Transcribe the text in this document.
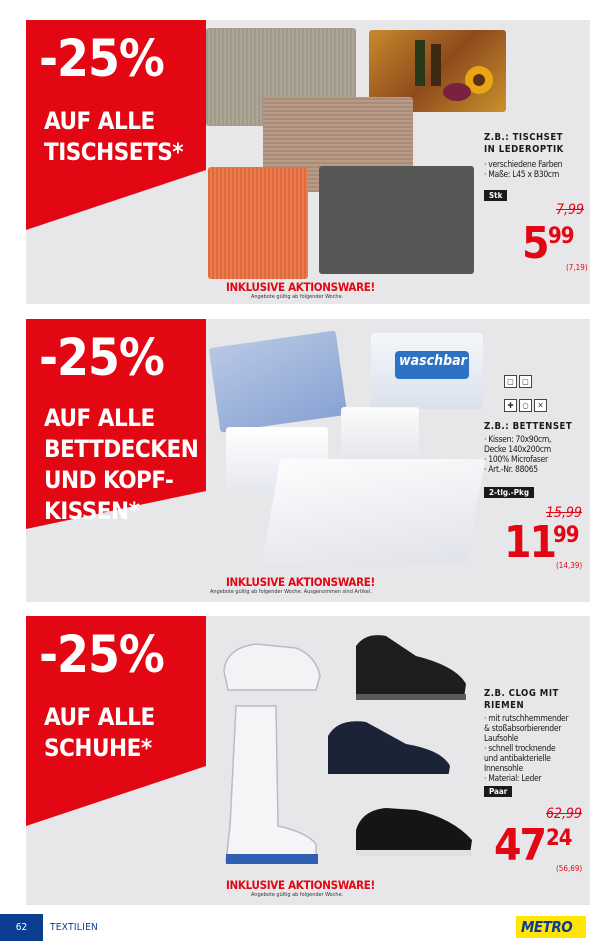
-25%
AUF ALLE
TISCHSETS*
Z.B.: TISCHSET
IN LEDEROPTIK
· verschiedene Farben
· Maße: L45 x B30cm
Stk
7,99
5 99
(7,19)
INKLUSIVE AKTIONSWARE!
Angebote gültig ab folgender Woche.
-25%
AUF ALLE
BETTDECKEN
UND KOPF-
KISSEN*
waschbar
▢	▢
✚	○	✕
Z.B.: BETTENSET
· Kissen: 70x90cm,
Decke 140x200cm
· 100% Microfaser
· Art.-Nr. 88065
2-tlg.-Pkg
15,99
11
99
(14,39)
INKLUSIVE AKTIONSWARE!
Angebote gültig ab folgender Woche. Ausgenommen sind Artikel.
-25%
AUF ALLE
SCHUHE*
Z.B. CLOG MIT RIEMEN
· mit rutschhemmender
& stoßabsorbierender
Laufsohle
· schnell trocknende
und antibakterielle
Innensohle
· Material: Leder
Paar
62,99
47 24
(56,69)
INKLUSIVE AKTIONSWARE!
Angebote gültig ab folgender Woche.
62	TEXTILIEN	METRO
